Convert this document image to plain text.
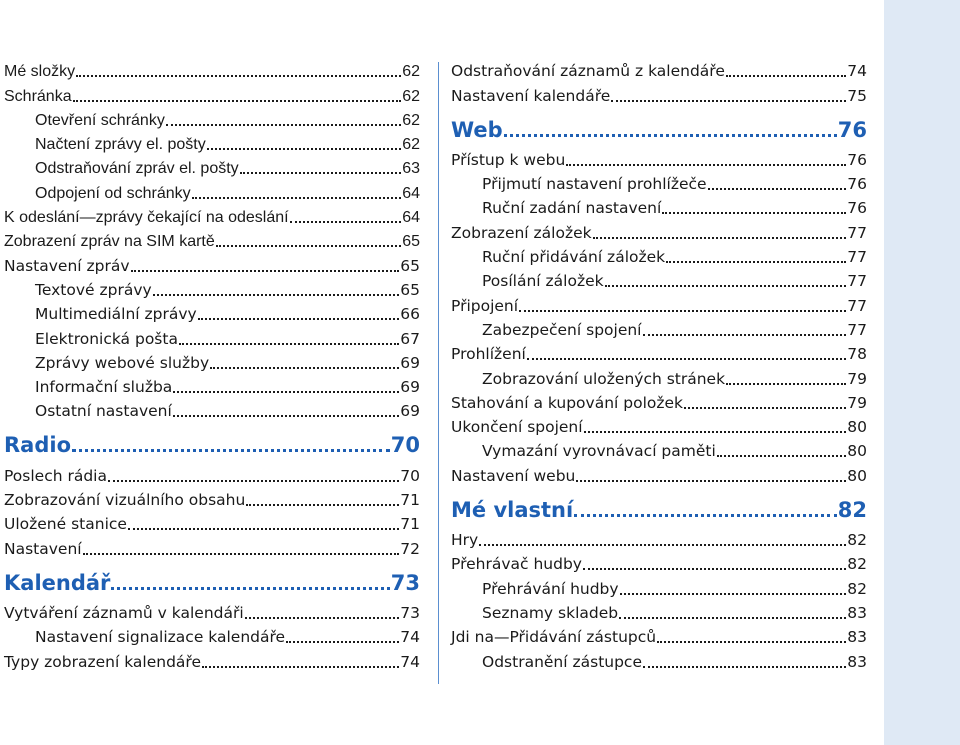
Mé složky	62
Schránka	62
Otevření schránky	62
Načtení zprávy el. pošty	62
Odstraňování zpráv el. pošty	63
Odpojení od schránky	64
K odeslání—zprávy čekající na odeslání	64
Zobrazení zpráv na SIM kartě	65
Nastavení zpráv	65
Textové zprávy	65
Multimediální zprávy	66
Elektronická pošta	67
Zprávy webové služby	69
Informační služba	69
Ostatní nastavení	69
Radio	70
Poslech rádia	70
Zobrazování vizuálního obsahu	71
Uložené stanice	71
Nastavení	72
Kalendář	73
Vytváření záznamů v kalendáři	73
Nastavení signalizace kalendáře	74
Typy zobrazení kalendáře	74
Odstraňování záznamů z kalendáře	74
Nastavení kalendáře	75
Web	76
Přístup k webu	76
Přijmutí nastavení prohlížeče	76
Ruční zadání nastavení	76
Zobrazení záložek	77
Ruční přidávání záložek	77
Posílání záložek	77
Připojení	77
Zabezpečení spojení	77
Prohlížení	78
Zobrazování uložených stránek	79
Stahování a kupování položek	79
Ukončení spojení	80
Vymazání vyrovnávací paměti	80
Nastavení webu	80
Mé vlastní	82
Hry	82
Přehrávač hudby	82
Přehrávání hudby	82
Seznamy skladeb	83
Jdi na—Přidávání zástupců	83
Odstranění zástupce	83
